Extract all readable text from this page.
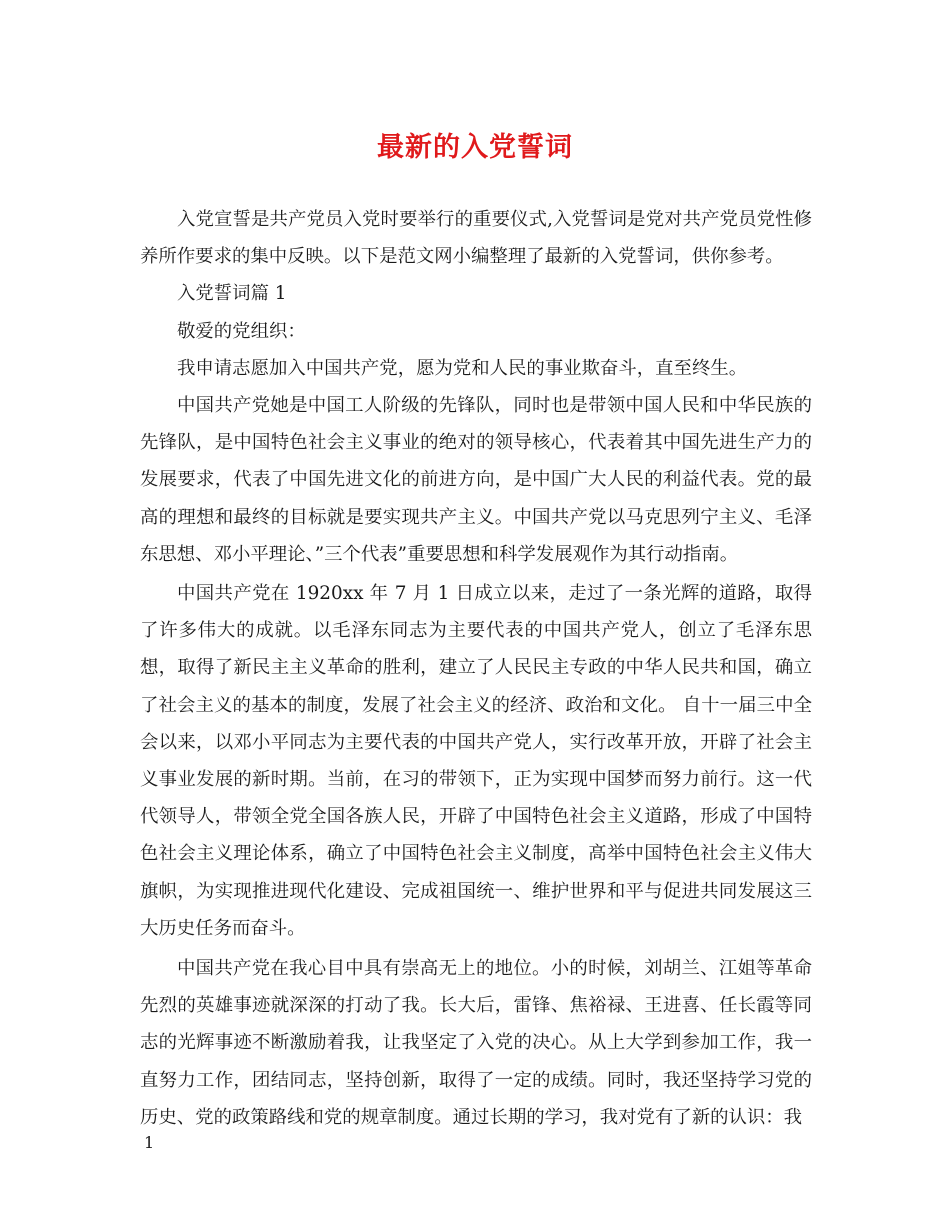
最新的入党誓词

入党宣誓是共产党员入党时要举行的重要仪式,入党誓词是党对共产党员党性修养所作要求的集中反映。以下是范文网小编整理了最新的入党誓词，供你参考。

入党誓词篇 1

敬爱的党组织：

我申请志愿加入中国共产党，愿为党和人民的事业欺奋斗，直至终生。

中国共产党她是中国工人阶级的先锋队，同时也是带领中国人民和中华民族的先锋队，是中国特色社会主义事业的绝对的领导核心，代表着其中国先进生产力的发展要求，代表了中国先进文化的前进方向，是中国广大人民的利益代表。党的最高的理想和最终的目标就是要实现共产主义。中国共产党以马克思列宁主义、毛泽东思想、邓小平理论、”三个代表”重要思想和科学发展观作为其行动指南。

中国共产党在 1920xx 年 7 月 1 日成立以来，走过了一条光辉的道路，取得了许多伟大的成就。以毛泽东同志为主要代表的中国共产党人，创立了毛泽东思想，取得了新民主主义革命的胜利，建立了人民民主专政的中华人民共和国，确立了社会主义的基本的制度，发展了社会主义的经济、政治和文化。 自十一届三中全会以来，以邓小平同志为主要代表的中国共产党人，实行改革开放，开辟了社会主义事业发展的新时期。当前，在习的带领下，正为实现中国梦而努力前行。这一代代领导人，带领全党全国各族人民，开辟了中国特色社会主义道路，形成了中国特色社会主义理论体系，确立了中国特色社会主义制度，高举中国特色社会主义伟大旗帜，为实现推进现代化建设、完成祖国统一、维护世界和平与促进共同发展这三大历史任务而奋斗。

中国共产党在我心目中具有崇高无上的地位。小的时候，刘胡兰、江姐等革命先烈的英雄事迹就深深的打动了我。长大后，雷锋、焦裕禄、王进喜、任长霞等同志的光辉事迹不断激励着我，让我坚定了入党的决心。从上大学到参加工作，我一直努力工作，团结同志，坚持创新，取得了一定的成绩。同时，我还坚持学习党的历史、党的政策路线和党的规章制度。通过长期的学习，我对党有了新的认识：我

1
